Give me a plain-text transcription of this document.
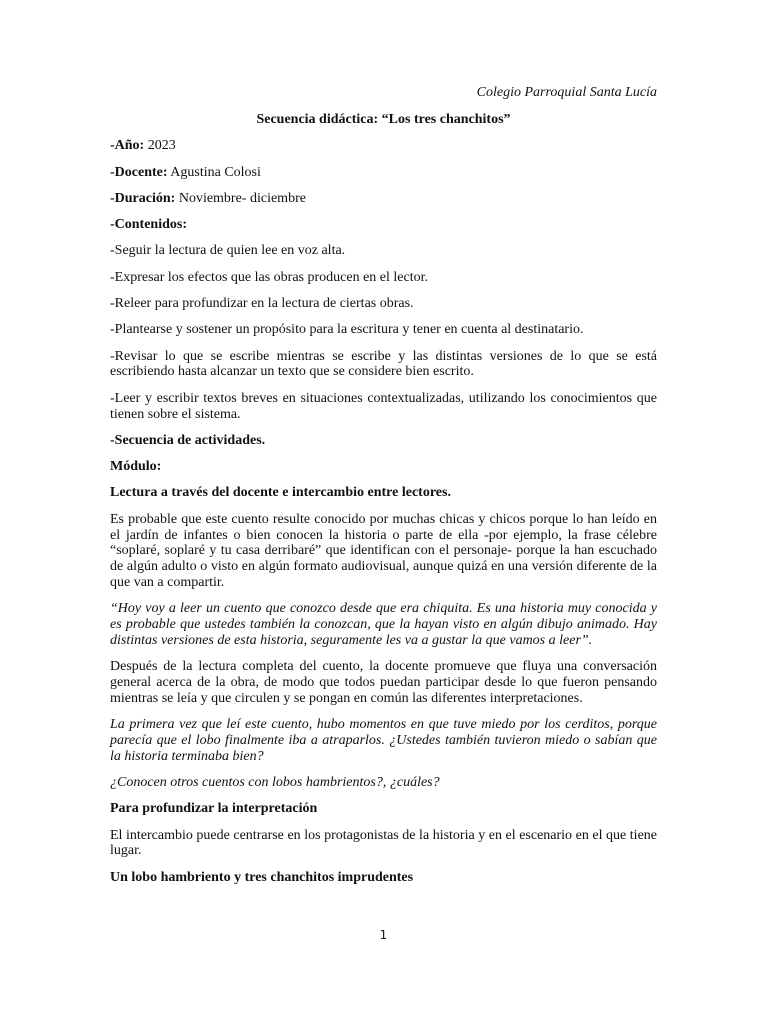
Colegio Parroquial Santa Lucía

Secuencia didáctica: “Los tres chanchitos”

-Año: 2023

-Docente: Agustina Colosi

-Duración: Noviembre- diciembre

-Contenidos:

-Seguir la lectura de quien lee en voz alta.

-Expresar los efectos que las obras producen en el lector.

-Releer para profundizar en la lectura de ciertas obras.

-Plantearse y sostener un propósito para la escritura y tener en cuenta al destinatario.

-Revisar lo que se escribe mientras se escribe y las distintas versiones de lo que se está escribiendo hasta alcanzar un texto que se considere bien escrito.

-Leer y escribir textos breves en situaciones contextualizadas, utilizando los conocimientos que tienen sobre el sistema.

-Secuencia de actividades.

Módulo:

Lectura a través del docente e intercambio entre lectores.

Es probable que este cuento resulte conocido por muchas chicas y chicos porque lo han leído en el jardín de infantes o bien conocen la historia o parte de ella -por ejemplo, la frase célebre “soplaré, soplaré y tu casa derribaré” que identifican con el personaje- porque la han escuchado de algún adulto o visto en algún formato audiovisual, aunque quizá en una versión diferente de la que van a compartir.

“Hoy voy a leer un cuento que conozco desde que era chiquita. Es una historia muy conocida y es probable que ustedes también la conozcan, que la hayan visto en algún dibujo animado. Hay distintas versiones de esta historia, seguramente les va a gustar la que vamos a leer”.

Después de la lectura completa del cuento, la docente promueve que fluya una conversación general acerca de la obra, de modo que todos puedan participar desde lo que fueron pensando mientras se leía y que circulen y se pongan en común las diferentes interpretaciones.

La primera vez que leí este cuento, hubo momentos en que tuve miedo por los cerditos, porque parecía que el lobo finalmente iba a atraparlos. ¿Ustedes también tuvieron miedo o sabían que la historia terminaba bien?

¿Conocen otros cuentos con lobos hambrientos?, ¿cuáles?

Para profundizar la interpretación

El intercambio puede centrarse en los protagonistas de la historia y en el escenario en el que tiene lugar.

Un lobo hambriento y tres chanchitos imprudentes

1
